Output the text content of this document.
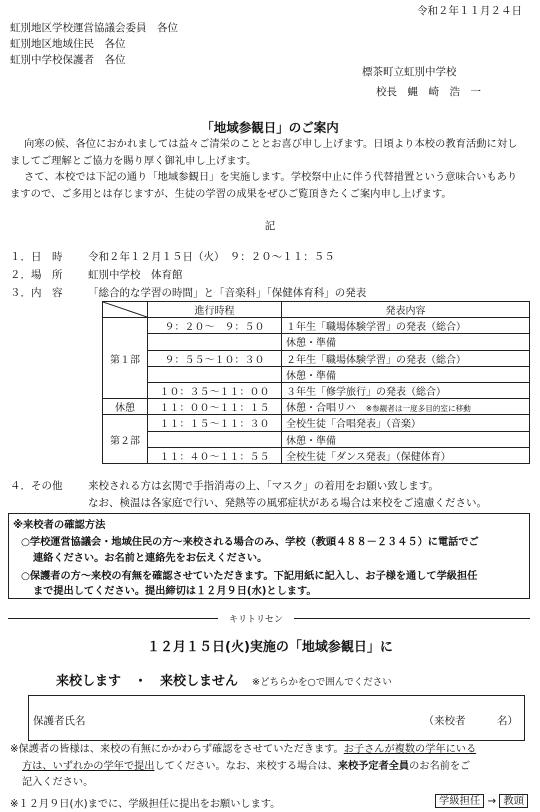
令和２年１１月２４日
虹別地区学校運営協議会委員　各位
虹別地区地域住民　各位
虹別中学校保護者　各位
標茶町立虹別中学校
校長　蝿　崎　浩　一
「地域参観日」のご案内
向寒の候、各位におかれましては益々ご清栄のこととお喜び申し上げます。日頃より本校の教育活動に対しましてご理解とご協力を賜り厚く御礼申し上げます。
さて、本校では下記の通り「地域参観日」を実施します。学校祭中止に伴う代替措置という意味合いもありますので、ご多用とは存じますが、生徒の学習の成果をぜひご覧頂きたくご案内申し上げます。
記
１．日　時 令和２年１２月１５日（火）　９：２０～１１：５５
２．場　所 虹別中学校　体育館
３．内　容 「総合的な学習の時間」と「音楽科」「保健体育科」の発表
	進行時程	発表内容
第１部	９：２０～　９：５０	１年生「職場体験学習」の発表（総合）
		休憩・準備
	９：５５～１０：３０	２年生「職場体験学習」の発表（総合）
		休憩・準備
	１０：３５～１１：００	３年生「修学旅行」の発表（総合）
休憩	１１：００～１１：１５	休憩・合唱リハ　 ※参観者は一度多目的室に移動
第２部	１１：１５～１１：３０	全校生徒「合唱発表」（音楽）
		休憩・準備
	１１：４０～１１：５５	全校生徒「ダンス発表」（保健体育）
４．その他 来校される方は玄関で手指消毒の上、「マスク」の着用をお願い致します。
なお、検温は各家庭で行い、発熱等の風邪症状がある場合は来校をご遠慮ください。
※来校者の確認方法
○学校運営協議会・地域住民の方～来校される場合のみ、学校（教頭４８８－２３４５）に電話でご
連絡ください。お名前と連絡先をお伝えください。
○保護者の方～来校の有無を確認させていただきます。下記用紙に記入し、お子様を通して学級担任
まで提出してください。提出締切は１２月９日(水)とします。
キリトリセン
１２月１５日(火)実施の「地域参観日」に
来校します　・　来校しません ※どちらかを○で囲んでください
保護者氏名	（来校者　　　名）
※保護者の皆様は、来校の有無にかかわらず確認をさせていただきます。お子さんが複数の学年にいる
方は、いずれかの学年で提出してください。なお、来校する場合は、来校予定者全員のお名前をご
記入ください。
※１２月９日(水)までに、学級担任に提出をお願いします。	学級担任 → 教頭
